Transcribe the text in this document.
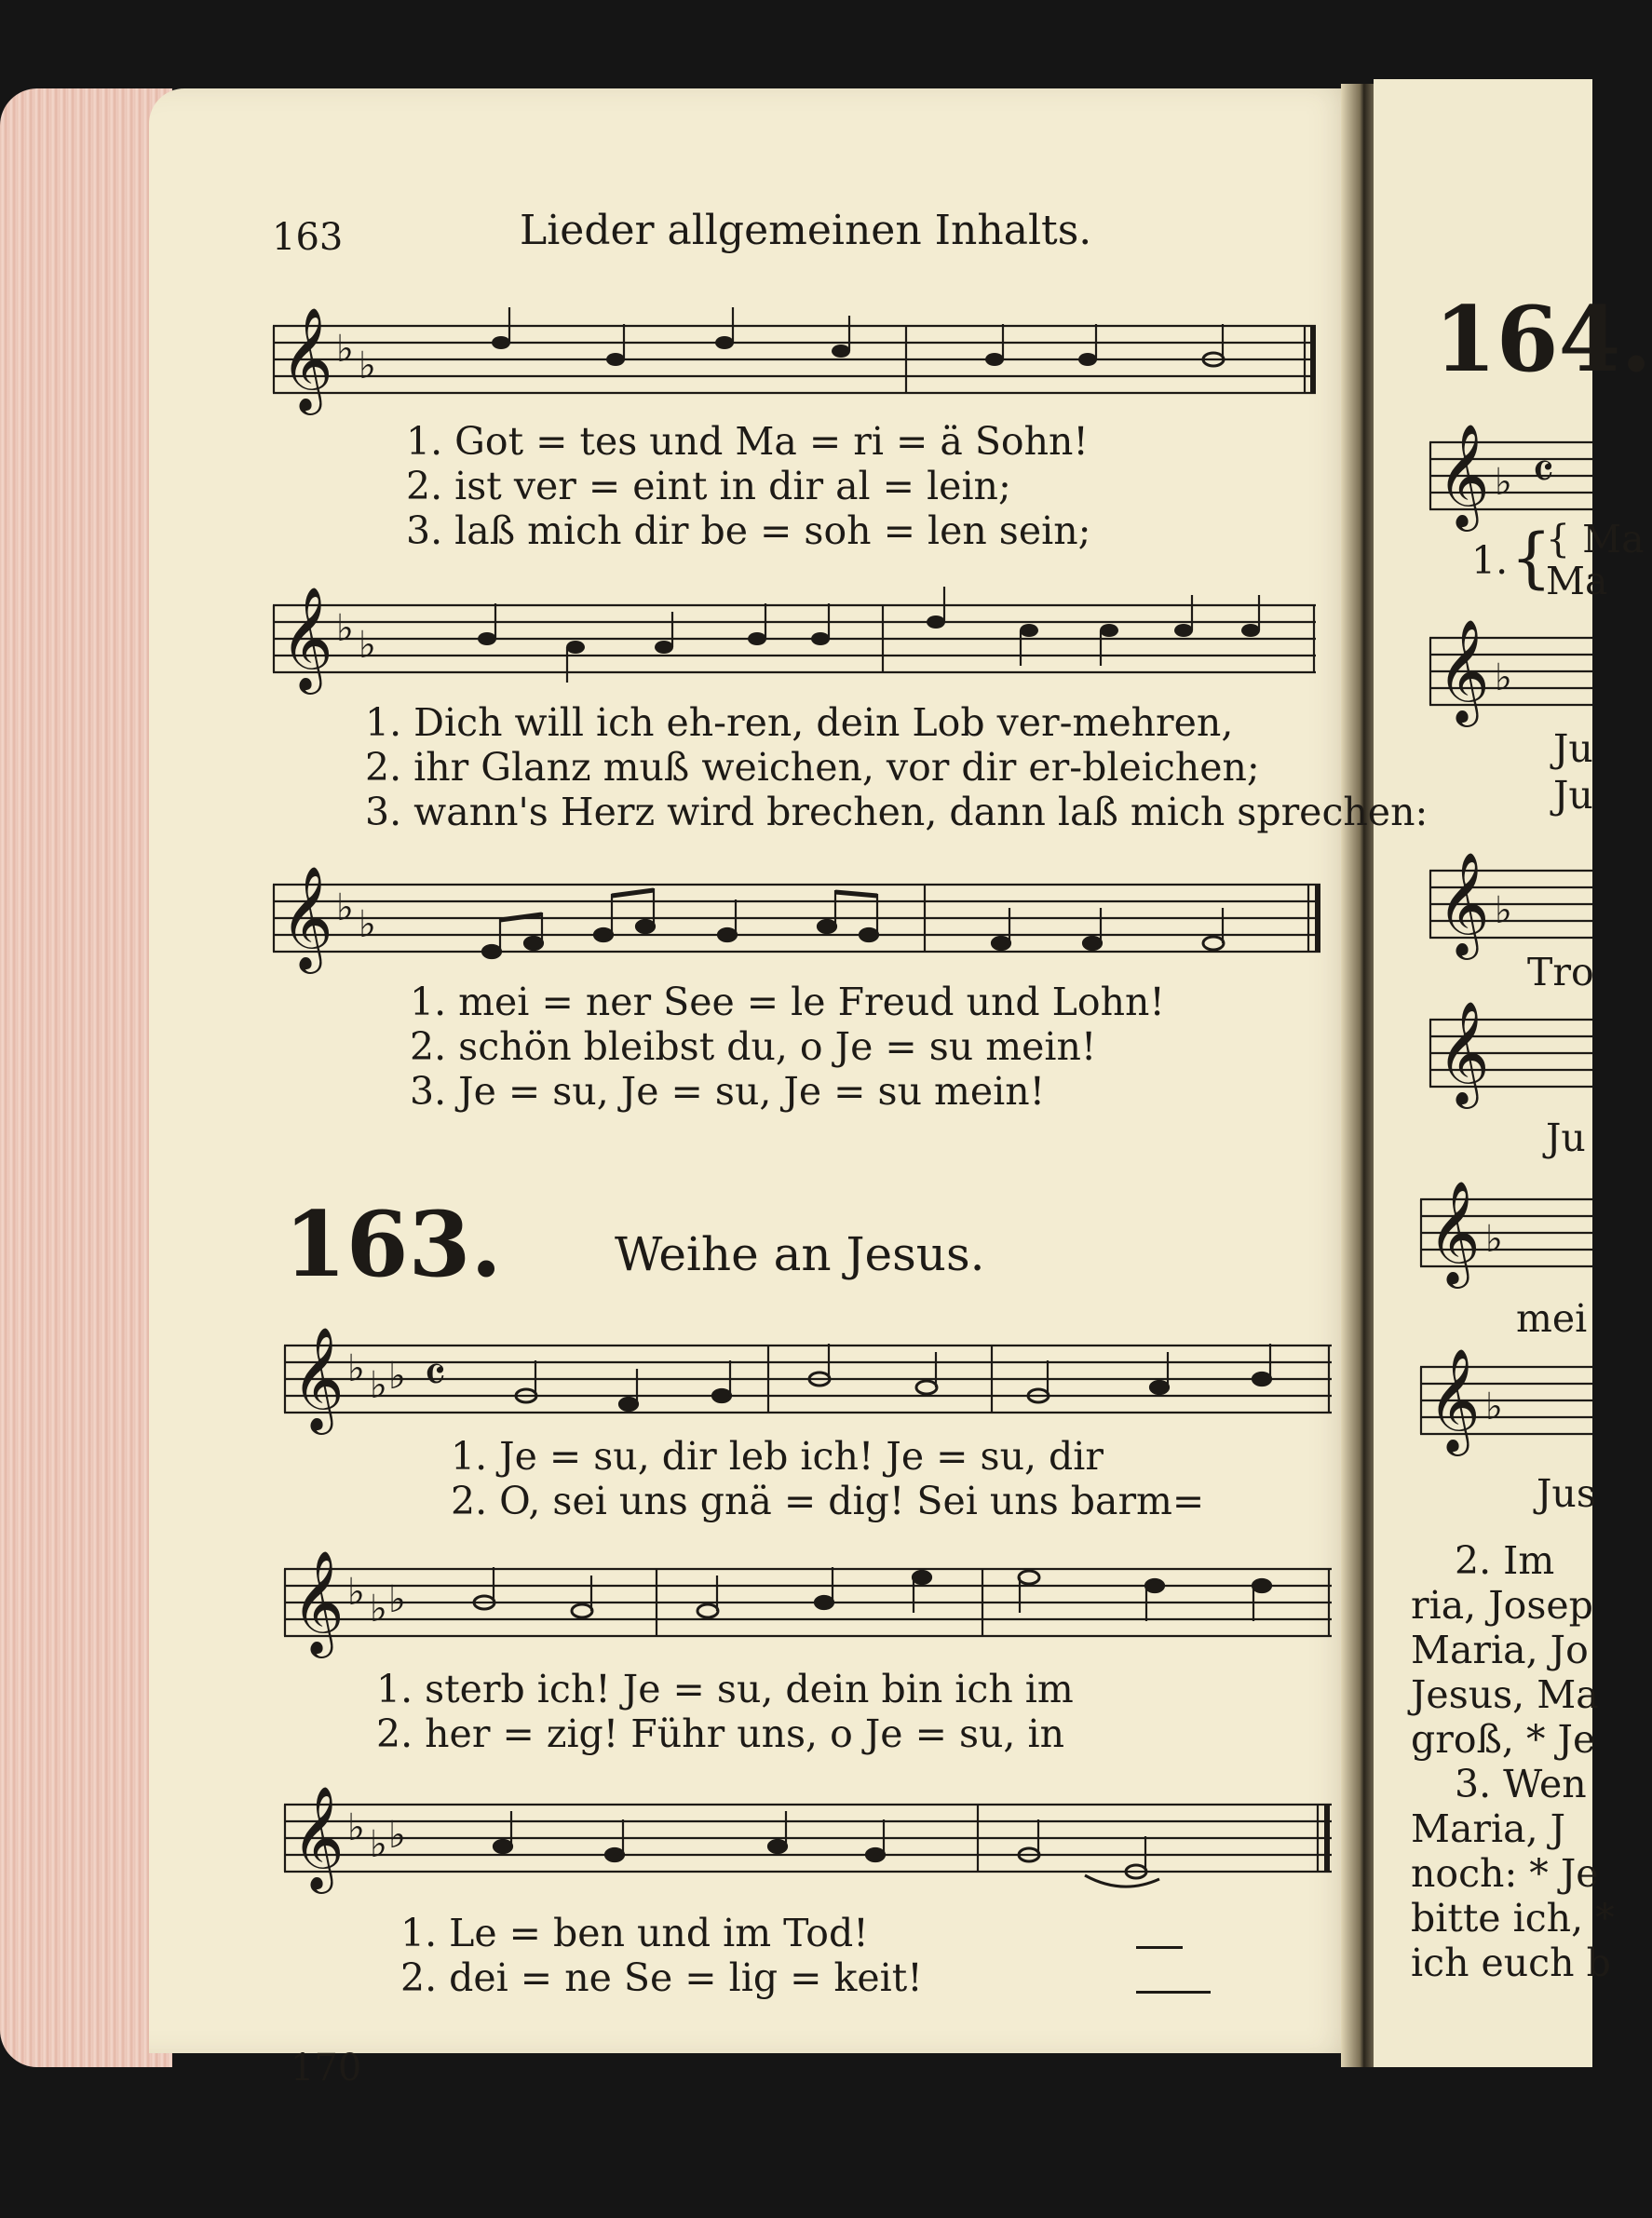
163	Lieder allgemeinen Inhalts.
𝄞 ♭ ♭
1. Got = tes und Ma = ri = ä Sohn!
2. ist ver = eint in dir al = lein;
3. laß mich dir be = soh = len sein;
𝄞 ♭ ♭
1. Dich will ich eh-ren, dein Lob ver-mehren,
2. ihr Glanz muß weichen, vor dir er-bleichen;
3. wann's Herz wird brechen, dann laß mich sprechen:
𝄞 ♭ ♭
1. mei = ner See = le Freud und Lohn!
2. schön bleibst du, o Je = su mein!
3. Je = su, Je = su, Je = su mein!
163. Weihe an Jesus.
𝄞 ♭ ♭ ♭ 𝄴
1. Je = su, dir leb ich! Je = su, dir
2. O, sei uns gnä = dig! Sei uns barm=
𝄞 ♭ ♭ ♭
1. sterb ich! Je = su, dein bin ich im
2. her = zig! Führ uns, o Je = su, in
𝄞 ♭ ♭ ♭
1. Le = ben und im Tod!
2. dei = ne Se = lig = keit!
170
164.
𝄞 ♭ 𝄴
1. {
{ Ma
Ma
𝄞 ♭
Ju
Ju
𝄞 ♭
Tro
𝄞
Ju
𝄞 ♭
mei
𝄞 ♭
Jus
2. Im
ria, Josep
Maria, Jo
Jesus, Ma
groß, * Je
3. Wen
Maria, J
noch: * Je
bitte ich, *
ich euch b
